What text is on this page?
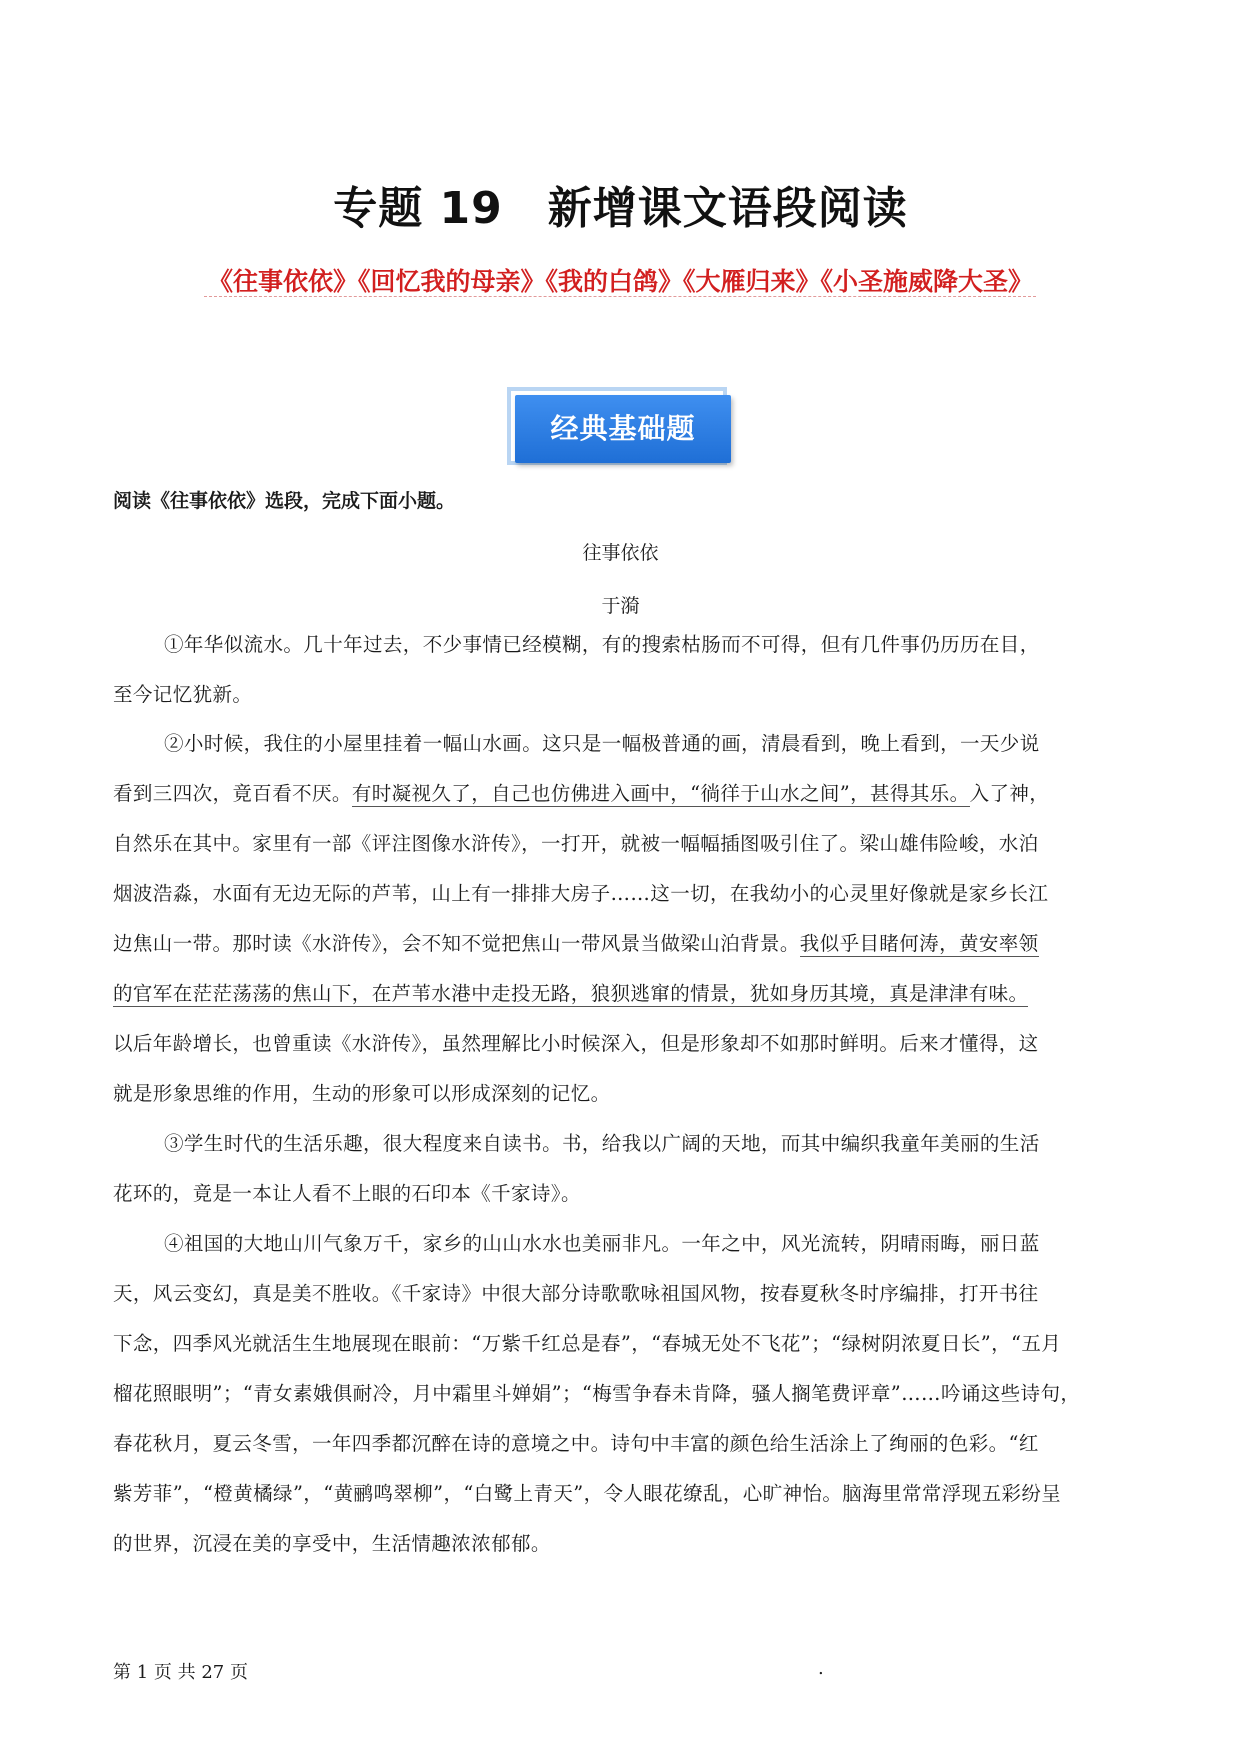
专题 19　新增课文语段阅读
《往事依依》《回忆我的母亲》《我的白鸽》《大雁归来》《小圣施威降大圣》
经典基础题
阅读《往事依依》选段，完成下面小题。
往事依依
于漪
①年华似流水。几十年过去，不少事情已经模糊，有的搜索枯肠而不可得，但有几件事仍历历在目，
至今记忆犹新。
②小时候，我住的小屋里挂着一幅山水画。这只是一幅极普通的画，清晨看到，晚上看到，一天少说
看到三四次，竟百看不厌。有时凝视久了，自己也仿佛进入画中，“徜徉于山水之间”，甚得其乐。入了神，
自然乐在其中。家里有一部《评注图像水浒传》，一打开，就被一幅幅插图吸引住了。梁山雄伟险峻，水泊
烟波浩淼，水面有无边无际的芦苇，山上有一排排大房子……这一切，在我幼小的心灵里好像就是家乡长江
边焦山一带。那时读《水浒传》，会不知不觉把焦山一带风景当做梁山泊背景。我似乎目睹何涛，黄安率领
的官军在茫茫荡荡的焦山下，在芦苇水港中走投无路，狼狈逃窜的情景，犹如身历其境，真是津津有味。
以后年龄增长，也曾重读《水浒传》，虽然理解比小时候深入，但是形象却不如那时鲜明。后来才懂得，这
就是形象思维的作用，生动的形象可以形成深刻的记忆。
③学生时代的生活乐趣，很大程度来自读书。书，给我以广阔的天地，而其中编织我童年美丽的生活
花环的，竟是一本让人看不上眼的石印本《千家诗》。
④祖国的大地山川气象万千，家乡的山山水水也美丽非凡。一年之中，风光流转，阴晴雨晦，丽日蓝
天，风云变幻，真是美不胜收。《千家诗》中很大部分诗歌歌咏祖国风物，按春夏秋冬时序编排，打开书往
下念，四季风光就活生生地展现在眼前：“万紫千红总是春”，“春城无处不飞花”；“绿树阴浓夏日长”，“五月
榴花照眼明”；“青女素娥俱耐冷，月中霜里斗婵娟”；“梅雪争春未肯降，骚人搁笔费评章”……吟诵这些诗句，
春花秋月，夏云冬雪，一年四季都沉醉在诗的意境之中。诗句中丰富的颜色给生活涂上了绚丽的色彩。“红
紫芳菲”，“橙黄橘绿”，“黄鹂鸣翠柳”，“白鹭上青天”，令人眼花缭乱，心旷神怡。脑海里常常浮现五彩纷呈
的世界，沉浸在美的享受中，生活情趣浓浓郁郁。
第 1 页 共 27 页	.
